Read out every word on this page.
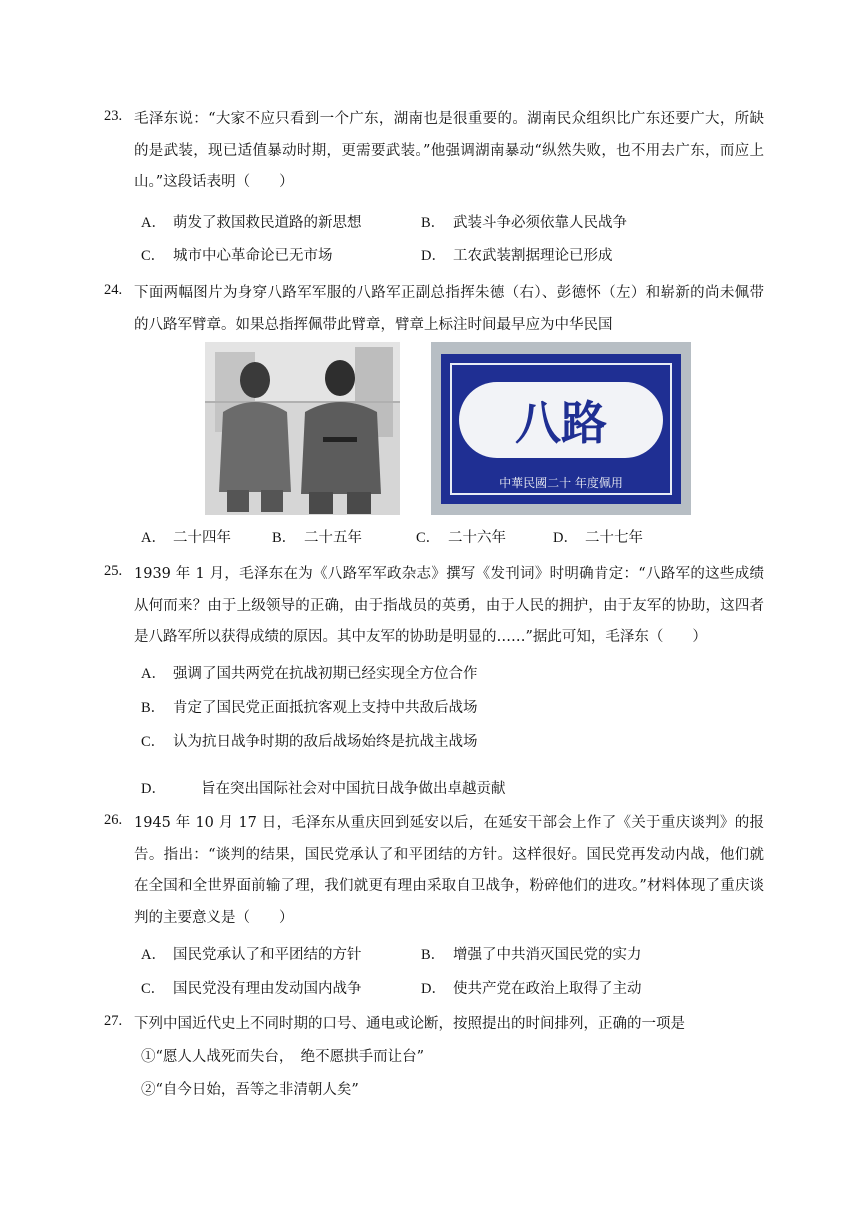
23. 毛泽东说：“大家不应只看到一个广东，湖南也是很重要的。湖南民众组织比广东还要广大，所缺的是武装，现已适值暴动时期，更需要武装。”他强调湖南暴动“纵然失败，也不用去广东，而应上山。”这段话表明（　　）
A． 萌发了救国救民道路的新思想	B． 武装斗争必须依靠人民战争
C． 城市中心革命论已无市场	D． 工农武装割据理论已形成
24. 下面两幅图片为身穿八路军军服的八路军正副总指挥朱德（右）、彭德怀（左）和崭新的尚未佩带的八路军臂章。如果总指挥佩带此臂章，臂章上标注时间最早应为中华民国
八路
中華民國二十 年度佩用
A． 二十四年	B． 二十五年	C． 二十六年	D． 二十七年
25. 1939 年 1 月，毛泽东在为《八路军军政杂志》撰写《发刊词》时明确肯定：“八路军的这些成绩从何而来？由于上级领导的正确，由于指战员的英勇，由于人民的拥护，由于友军的协助，这四者是八路军所以获得成绩的原因。其中友军的协助是明显的……”据此可知，毛泽东（　　）
A． 强调了国共两党在抗战初期已经实现全方位合作
B． 肯定了国民党正面抵抗客观上支持中共敌后战场
C． 认为抗日战争时期的敌后战场始终是抗战主战场
D． 旨在突出国际社会对中国抗日战争做出卓越贡献
26. 1945 年 10 月 17 日，毛泽东从重庆回到延安以后，在延安干部会上作了《关于重庆谈判》的报告。指出：“谈判的结果，国民党承认了和平团结的方针。这样很好。国民党再发动内战，他们就在全国和全世界面前输了理，我们就更有理由采取自卫战争，粉碎他们的进攻。”材料体现了重庆谈判的主要意义是（　　）
A． 国民党承认了和平团结的方针	B． 增强了中共消灭国民党的实力
C． 国民党没有理由发动国内战争	D． 使共产党在政治上取得了主动
27. 下列中国近代史上不同时期的口号、通电或论断，按照提出的时间排列，正确的一项是
①“愿人人战死而失台，　绝不愿拱手而让台”
②“自今日始，吾等之非清朝人矣”
